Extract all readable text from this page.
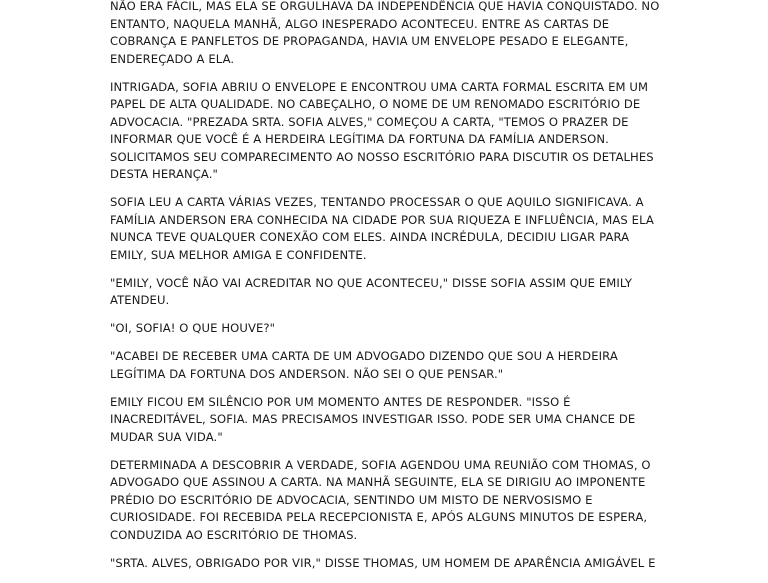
NÃO ERA FÁCIL, MAS ELA SE ORGULHAVA DA INDEPENDÊNCIA QUE HAVIA CONQUISTADO. NO ENTANTO, NAQUELA MANHÃ, ALGO INESPERADO ACONTECEU. ENTRE AS CARTAS DE COBRANÇA E PANFLETOS DE PROPAGANDA, HAVIA UM ENVELOPE PESADO E ELEGANTE, ENDEREÇADO A ELA.

INTRIGADA, SOFIA ABRIU O ENVELOPE E ENCONTROU UMA CARTA FORMAL ESCRITA EM UM PAPEL DE ALTA QUALIDADE. NO CABEÇALHO, O NOME DE UM RENOMADO ESCRITÓRIO DE ADVOCACIA. "PREZADA SRTA. SOFIA ALVES," COMEÇOU A CARTA, "TEMOS O PRAZER DE INFORMAR QUE VOCÊ É A HERDEIRA LEGÍTIMA DA FORTUNA DA FAMÍLIA ANDERSON. SOLICITAMOS SEU COMPARECIMENTO AO NOSSO ESCRITÓRIO PARA DISCUTIR OS DETALHES DESTA HERANÇA."

SOFIA LEU A CARTA VÁRIAS VEZES, TENTANDO PROCESSAR O QUE AQUILO SIGNIFICAVA. A FAMÍLIA ANDERSON ERA CONHECIDA NA CIDADE POR SUA RIQUEZA E INFLUÊNCIA, MAS ELA NUNCA TEVE QUALQUER CONEXÃO COM ELES. AINDA INCRÉDULA, DECIDIU LIGAR PARA EMILY, SUA MELHOR AMIGA E CONFIDENTE.

"EMILY, VOCÊ NÃO VAI ACREDITAR NO QUE ACONTECEU," DISSE SOFIA ASSIM QUE EMILY ATENDEU.

"OI, SOFIA! O QUE HOUVE?"

"ACABEI DE RECEBER UMA CARTA DE UM ADVOGADO DIZENDO QUE SOU A HERDEIRA LEGÍTIMA DA FORTUNA DOS ANDERSON. NÃO SEI O QUE PENSAR."

EMILY FICOU EM SILÊNCIO POR UM MOMENTO ANTES DE RESPONDER. "ISSO É INACREDITÁVEL, SOFIA. MAS PRECISAMOS INVESTIGAR ISSO. PODE SER UMA CHANCE DE MUDAR SUA VIDA."

DETERMINADA A DESCOBRIR A VERDADE, SOFIA AGENDOU UMA REUNIÃO COM THOMAS, O ADVOGADO QUE ASSINOU A CARTA. NA MANHÃ SEGUINTE, ELA SE DIRIGIU AO IMPONENTE PRÉDIO DO ESCRITÓRIO DE ADVOCACIA, SENTINDO UM MISTO DE NERVOSISMO E CURIOSIDADE. FOI RECEBIDA PELA RECEPCIONISTA E, APÓS ALGUNS MINUTOS DE ESPERA, CONDUZIDA AO ESCRITÓRIO DE THOMAS.

"SRTA. ALVES, OBRIGADO POR VIR," DISSE THOMAS, UM HOMEM DE APARÊNCIA AMIGÁVEL E
